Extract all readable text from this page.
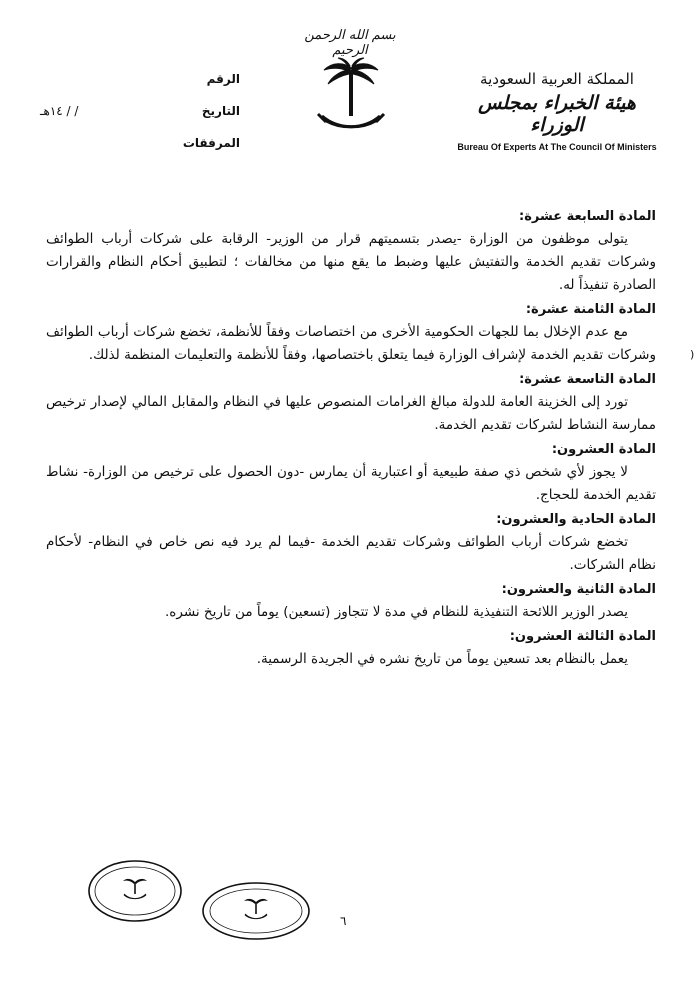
بسم الله الرحمن الرحيم
المملكة العربية السعودية
هيئة الخبراء بمجلس الوزراء
Bureau Of Experts At The Council Of Ministers
الرقم
التاريخ
/ / ١٤هـ
المرفقات
المادة السابعة عشرة:

يتولى موظفون من الوزارة -يصدر بتسميتهم قرار من الوزير- الرقابة على شركات أرباب الطوائف وشركات تقديم الخدمة والتفتيش عليها وضبط ما يقع منها من مخالفات ؛ لتطبيق أحكام النظام والقرارات الصادرة تنفيذاً له.

المادة الثامنة عشرة:

مع عدم الإخلال بما للجهات الحكومية الأخرى من اختصاصات وفقاً للأنظمة، تخضع شركات أرباب الطوائف وشركات تقديم الخدمة لإشراف الوزارة فيما يتعلق باختصاصها، وفقاً للأنظمة والتعليمات المنظمة لذلك.

المادة التاسعة عشرة:

تورد إلى الخزينة العامة للدولة مبالغ الغرامات المنصوص عليها في النظام والمقابل المالي لإصدار ترخيص ممارسة النشاط لشركات تقديم الخدمة.

المادة العشرون:

لا يجوز لأي شخص ذي صفة طبيعية أو اعتبارية أن يمارس -دون الحصول على ترخيص من الوزارة- نشاط تقديم الخدمة للحجاج.

المادة الحادية والعشرون:

تخضع شركات أرباب الطوائف وشركات تقديم الخدمة -فيما لم يرد فيه نص خاص في النظام- لأحكام نظام الشركات.

المادة الثانية والعشرون:

يصدر الوزير اللائحة التنفيذية للنظام في مدة لا تتجاوز (تسعين) يوماً من تاريخ نشره.

المادة الثالثة العشرون:

يعمل بالنظام بعد تسعين يوماً من تاريخ نشره في الجريدة الرسمية.

(
٦
